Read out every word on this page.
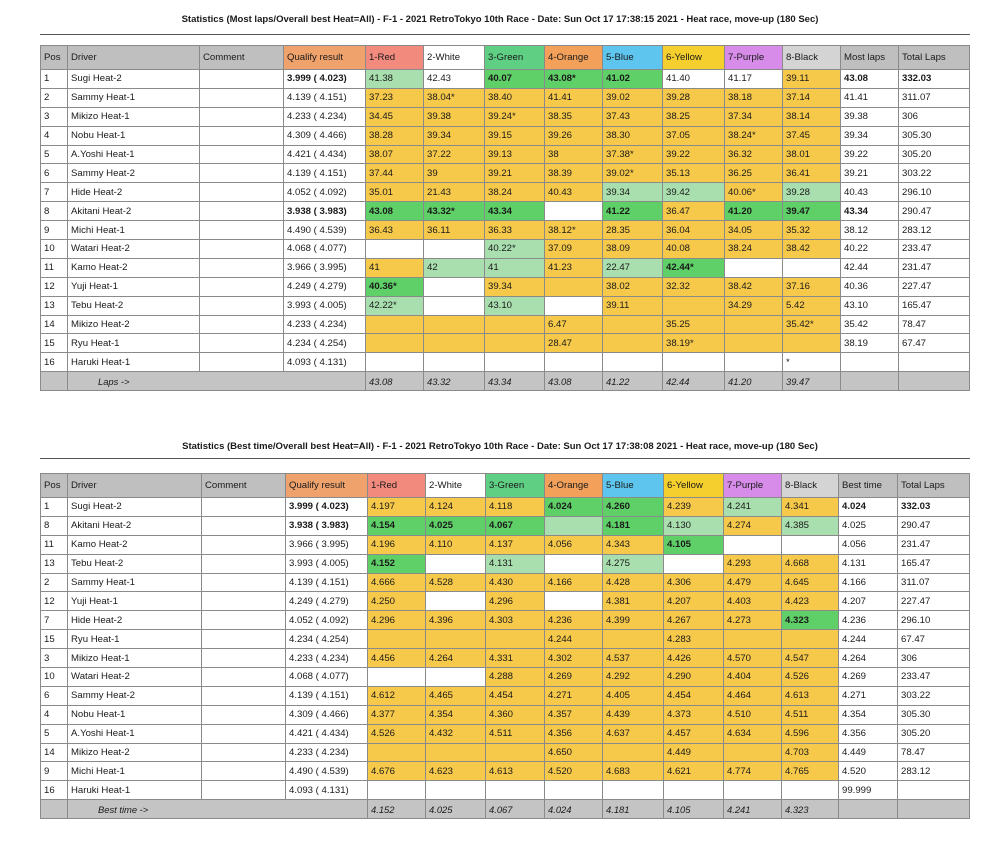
Statistics (Most laps/Overall best Heat=All) - F-1 - 2021 RetroTokyo 10th Race - Date: Sun Oct 17 17:38:15 2021 - Heat race, move-up (180 Sec)
Pos	Driver	Comment	Qualify result	1-Red	2-White	3-Green	4-Orange	5-Blue	6-Yellow	7-Purple	8-Black	Most laps	Total Laps
1	Sugi Heat-2		3.999 ( 4.023)	41.38	42.43	40.07	43.08*	41.02	41.40	41.17	39.11	43.08	332.03
2	Sammy Heat-1		4.139 ( 4.151)	37.23	38.04*	38.40	41.41	39.02	39.28	38.18	37.14	41.41	311.07
3	Mikizo Heat-1		4.233 ( 4.234)	34.45	39.38	39.24*	38.35	37.43	38.25	37.34	38.14	39.38	306
4	Nobu Heat-1		4.309 ( 4.466)	38.28	39.34	39.15	39.26	38.30	37.05	38.24*	37.45	39.34	305.30
5	A.Yoshi Heat-1		4.421 ( 4.434)	38.07	37.22	39.13	38	37.38*	39.22	36.32	38.01	39.22	305.20
6	Sammy Heat-2		4.139 ( 4.151)	37.44	39	39.21	38.39	39.02*	35.13	36.25	36.41	39.21	303.22
7	Hide Heat-2		4.052 ( 4.092)	35.01	21.43	38.24	40.43	39.34	39.42	40.06*	39.28	40.43	296.10
8	Akitani Heat-2		3.938 ( 3.983)	43.08	43.32*	43.34		41.22	36.47	41.20	39.47	43.34	290.47
9	Michi Heat-1		4.490 ( 4.539)	36.43	36.11	36.33	38.12*	28.35	36.04	34.05	35.32	38.12	283.12
10	Watari Heat-2		4.068 ( 4.077)			40.22*	37.09	38.09	40.08	38.24	38.42	40.22	233.47
11	Kamo Heat-2		3.966 ( 3.995)	41	42	41	41.23	22.47	42.44*			42.44	231.47
12	Yuji Heat-1		4.249 ( 4.279)	40.36*		39.34		38.02	32.32	38.42	37.16	40.36	227.47
13	Tebu Heat-2		3.993 ( 4.005)	42.22*		43.10		39.11		34.29	5.42	43.10	165.47
14	Mikizo Heat-2		4.233 ( 4.234)				6.47		35.25		35.42*	35.42	78.47
15	Ryu Heat-1		4.234 ( 4.254)				28.47		38.19*			38.19	67.47
16	Haruki Heat-1		4.093 ( 4.131)								*		
	Laps ->			43.08	43.32	43.34	43.08	41.22	42.44	41.20	39.47		
Statistics (Best time/Overall best Heat=All) - F-1 - 2021 RetroTokyo 10th Race - Date: Sun Oct 17 17:38:08 2021 - Heat race, move-up (180 Sec)
Pos	Driver	Comment	Qualify result	1-Red	2-White	3-Green	4-Orange	5-Blue	6-Yellow	7-Purple	8-Black	Best time	Total Laps
1	Sugi Heat-2		3.999 ( 4.023)	4.197	4.124	4.118	4.024	4.260	4.239	4.241	4.341	4.024	332.03
8	Akitani Heat-2		3.938 ( 3.983)	4.154	4.025	4.067		4.181	4.130	4.274	4.385	4.025	290.47
11	Kamo Heat-2		3.966 ( 3.995)	4.196	4.110	4.137	4.056	4.343	4.105			4.056	231.47
13	Tebu Heat-2		3.993 ( 4.005)	4.152		4.131		4.275		4.293	4.668	4.131	165.47
2	Sammy Heat-1		4.139 ( 4.151)	4.666	4.528	4.430	4.166	4.428	4.306	4.479	4.645	4.166	311.07
12	Yuji Heat-1		4.249 ( 4.279)	4.250		4.296		4.381	4.207	4.403	4.423	4.207	227.47
7	Hide Heat-2		4.052 ( 4.092)	4.296	4.396	4.303	4.236	4.399	4.267	4.273	4.323	4.236	296.10
15	Ryu Heat-1		4.234 ( 4.254)				4.244		4.283			4.244	67.47
3	Mikizo Heat-1		4.233 ( 4.234)	4.456	4.264	4.331	4.302	4.537	4.426	4.570	4.547	4.264	306
10	Watari Heat-2		4.068 ( 4.077)			4.288	4.269	4.292	4.290	4.404	4.526	4.269	233.47
6	Sammy Heat-2		4.139 ( 4.151)	4.612	4.465	4.454	4.271	4.405	4.454	4.464	4.613	4.271	303.22
4	Nobu Heat-1		4.309 ( 4.466)	4.377	4.354	4.360	4.357	4.439	4.373	4.510	4.511	4.354	305.30
5	A.Yoshi Heat-1		4.421 ( 4.434)	4.526	4.432	4.511	4.356	4.637	4.457	4.634	4.596	4.356	305.20
14	Mikizo Heat-2		4.233 ( 4.234)				4.650		4.449		4.703	4.449	78.47
9	Michi Heat-1		4.490 ( 4.539)	4.676	4.623	4.613	4.520	4.683	4.621	4.774	4.765	4.520	283.12
16	Haruki Heat-1		4.093 ( 4.131)									99.999	
	Best time ->			4.152	4.025	4.067	4.024	4.181	4.105	4.241	4.323		
